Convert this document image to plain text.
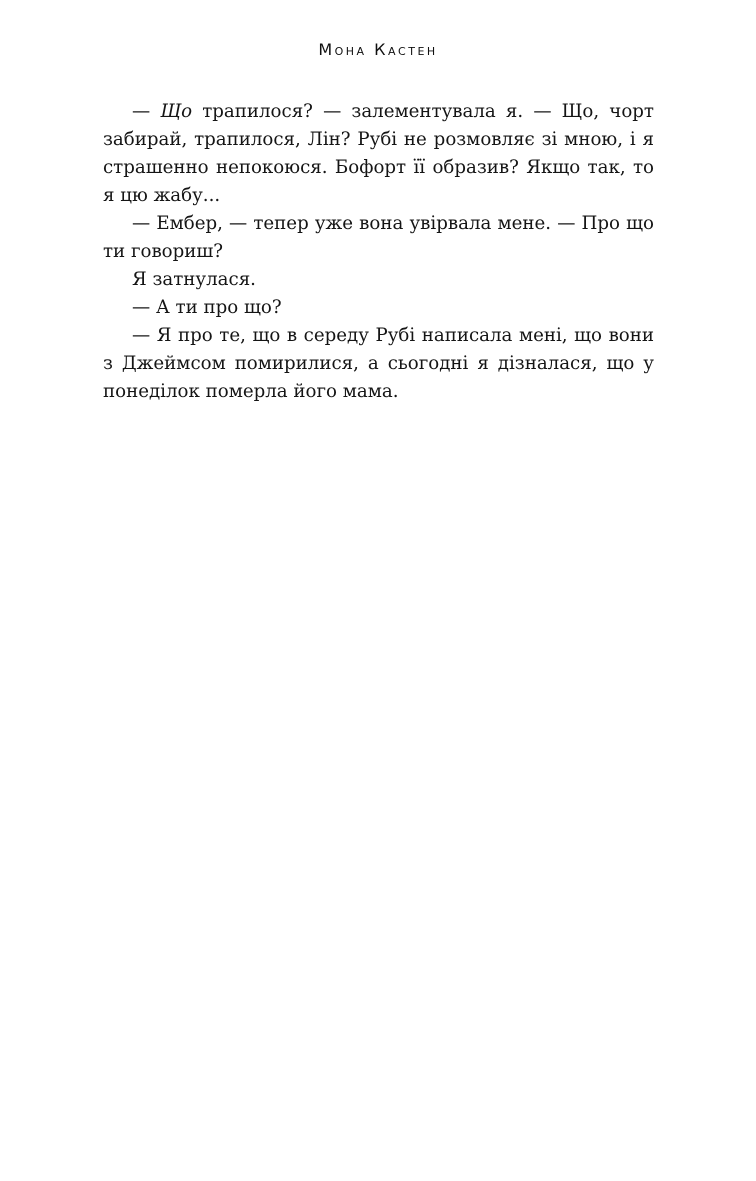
Мона Кастен

— Що трапилося? — залементувала я. — Що, чорт забирай, трапилося, Лін? Рубі не розмовляє зі мною, і я страшенно непокоюся. Бофорт її образив? Якщо так, то я цю жабу...

— Ембер, — тепер уже вона увірвала мене. — Про що ти говориш?

Я затнулася.

— А ти про що?

— Я про те, що в середу Рубі написала мені, що вони з Джеймсом помирилися, а сьогодні я дізналася, що у понеділок померла його мама.
